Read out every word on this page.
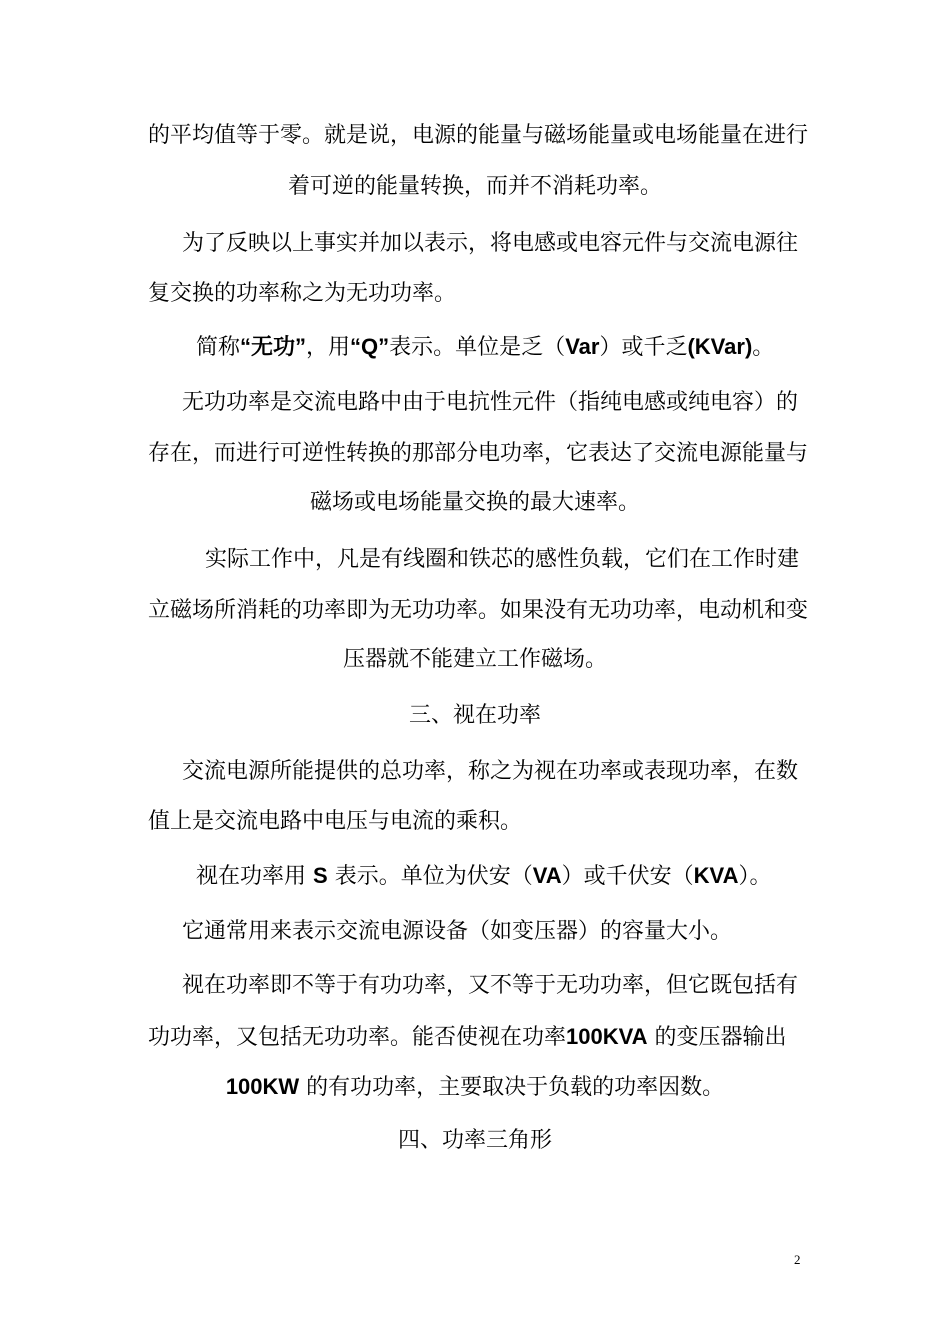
的平均值等于零。就是说，电源的能量与磁场能量或电场能量在进行
着可逆的能量转换，而并不消耗功率。
为了反映以上事实并加以表示，将电感或电容元件与交流电源往
复交换的功率称之为无功功率。
简称“无功”，用“Q”表示。单位是乏（Var）或千乏(KVar)。
无功功率是交流电路中由于电抗性元件（指纯电感或纯电容）的
存在，而进行可逆性转换的那部分电功率，它表达了交流电源能量与
磁场或电场能量交换的最大速率。
实际工作中，凡是有线圈和铁芯的感性负载，它们在工作时建
立磁场所消耗的功率即为无功功率。如果没有无功功率，电动机和变
压器就不能建立工作磁场。
三、视在功率
交流电源所能提供的总功率，称之为视在功率或表现功率，在数
值上是交流电路中电压与电流的乘积。
视在功率用 S 表示。单位为伏安（VA）或千伏安（KVA）。
它通常用来表示交流电源设备（如变压器）的容量大小。
视在功率即不等于有功功率，又不等于无功功率，但它既包括有
功功率，又包括无功功率。能否使视在功率100KVA 的变压器输出
100KW 的有功功率，主要取决于负载的功率因数。
四、功率三角形
2
